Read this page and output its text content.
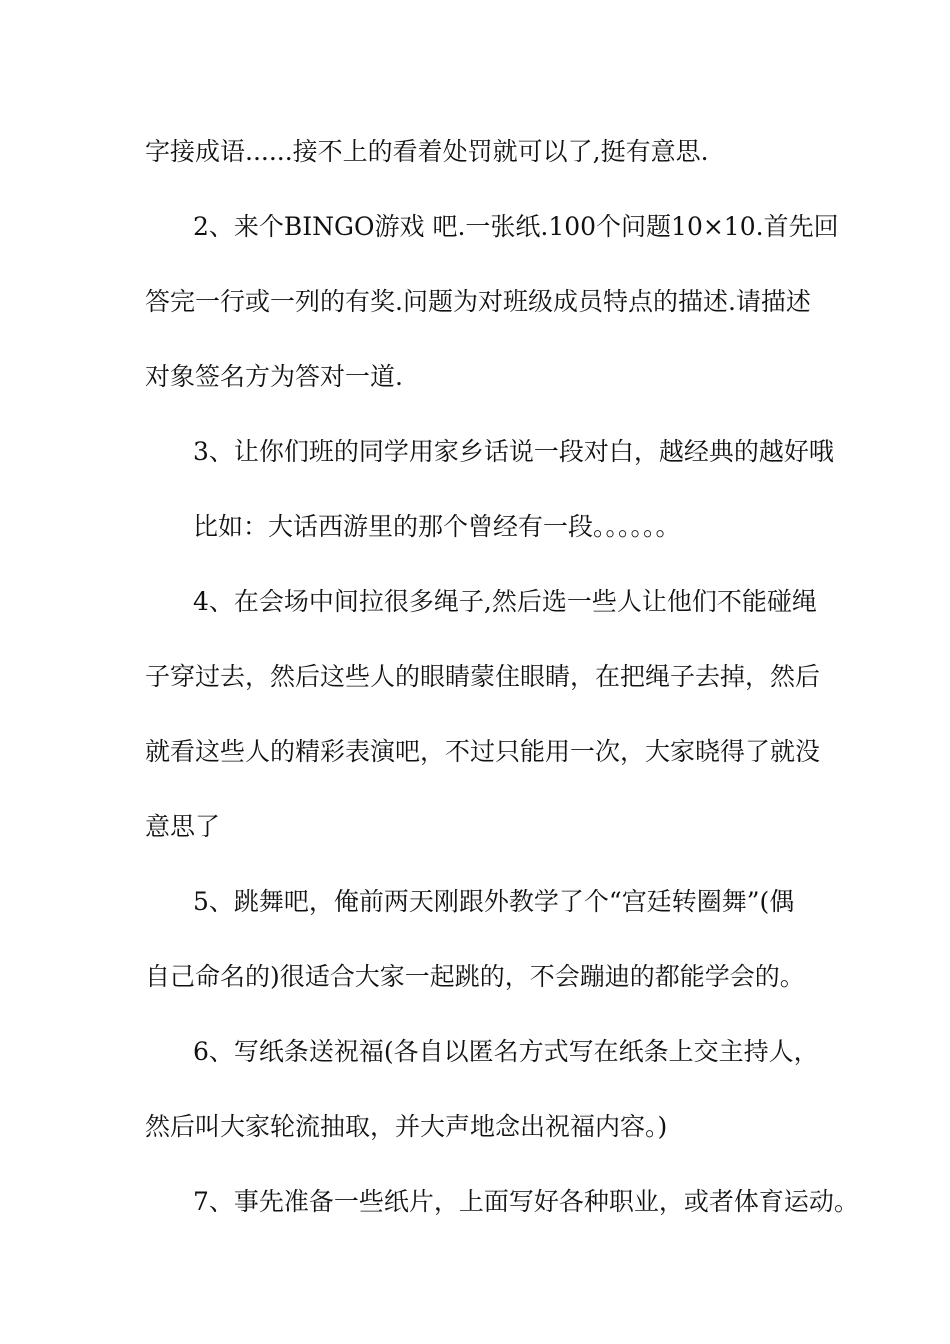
字接成语......接不上的看着处罚就可以了,挺有意思.
2、来个BINGO游戏 吧.一张纸.100个问题10×10.首先回
答完一行或一列的有奖.问题为对班级成员特点的描述.请描述
对象签名方为答对一道.
3、让你们班的同学用家乡话说一段对白，越经典的越好哦
比如：大话西游里的那个曾经有一段。。。。。。
4、在会场中间拉很多绳子,然后选一些人让他们不能碰绳
子穿过去，然后这些人的眼睛蒙住眼睛，在把绳子去掉，然后
就看这些人的精彩表演吧，不过只能用一次，大家晓得了就没
意思了
5、跳舞吧，俺前两天刚跟外教学了个“宫廷转圈舞”(偶
自己命名的)很适合大家一起跳的，不会蹦迪的都能学会的。
6、写纸条送祝福(各自以匿名方式写在纸条上交主持人，
然后叫大家轮流抽取，并大声地念出祝福内容。)
7、事先准备一些纸片，上面写好各种职业，或者体育运动。
